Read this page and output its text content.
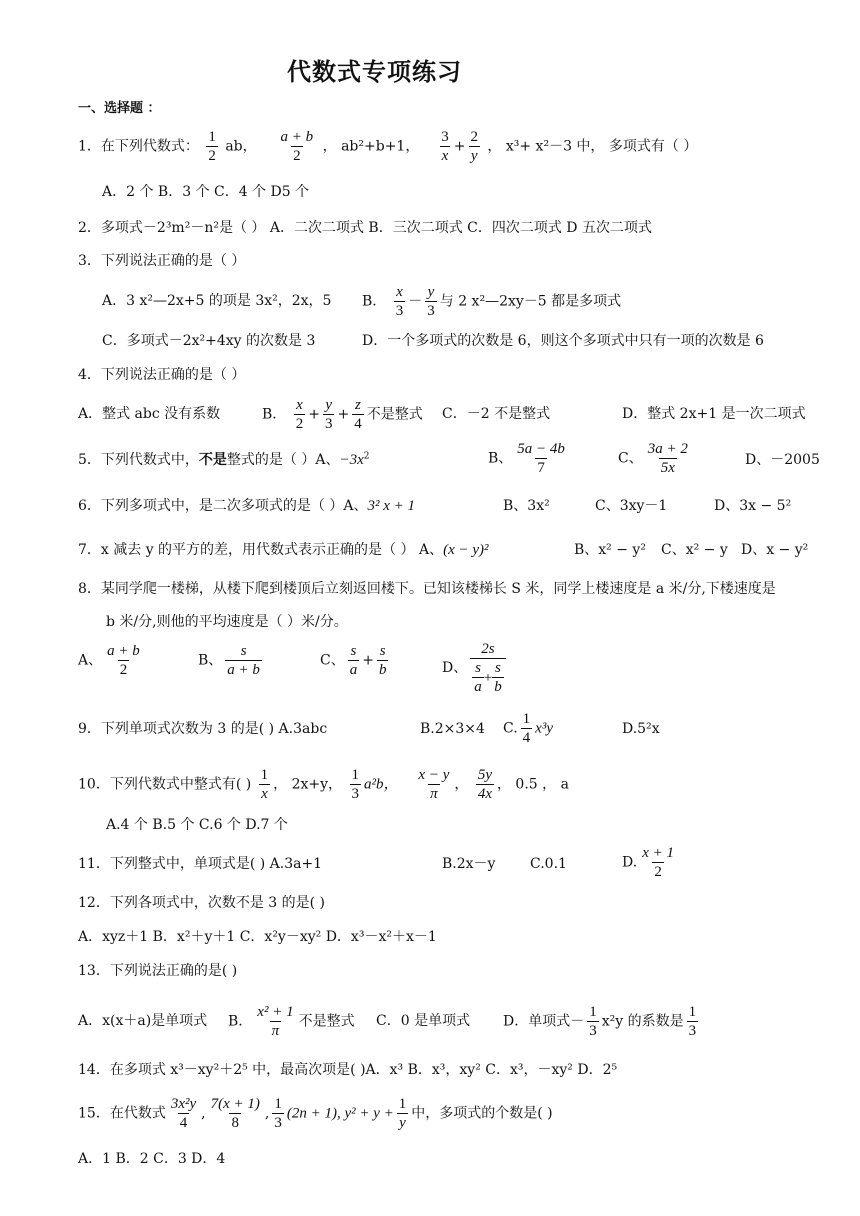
代数式专项练习
一、选择题 ：
1．在下列代数式： $\frac{1}{2}$ ab， $\frac{a + b}{2}$ ， ab²+b+1， $\frac{3}{x} + \frac{2}{y}$ ， x³+ x²－3 中， 多项式有（ ）
A．2 个 B．3 个 C．4 个 D5 个
2．多项式－2³m²－n²是（ ） A．二次二项式 B．三次二项式 C．四次二项式 D 五次二项式
3．下列说法正确的是（ ）
A．3 x²—2x+5 的项是 3x²，2x，5 B． $\frac{x}{3} - \frac{y}{3}$ 与 2 x²—2xy－5 都是多项式
C．多项式－2x²+4xy 的次数是 3	D．一个多项式的次数是 6，则这个多项式中只有一项的次数是 6
4．下列说法正确的是（ ）
A．整式 abc 没有系数	B． $\frac{x}{2} + \frac{y}{3} + \frac{z}{4}$ 不是整式 C．－2 不是整式	D．整式 2x+1 是一次二项式
5．下列代数式中，不是整式的是（ ）A、$-3x^2$	B、 $\frac{5a - 4b}{7}$	C、 $\frac{3a + 2}{5x}$	D、－2005
6．下列多项式中，是二次多项式的是（ ）A、3² x + 1	B、3x²	C、3xy－1	D、3x − 5²
7．x 减去 y 的平方的差，用代数式表示正确的是（ ） A、(x − y)²	B、x² − y² C、x² − y D、x − y²
8．某同学爬一楼梯，从楼下爬到楼顶后立刻返回楼下。已知该楼梯长 S 米，同学上楼速度是 a 米/分,下楼速度是
b 米/分,则他的平均速度是（ ）米/分。
A、 $\frac{a + b}{2}$	B、 $\frac{s}{a + b}$	C、 $\frac{s}{a} + \frac{s}{b}$	D、 2s
s
a
+ $\frac{s}{b}$
9．下列单项式次数为 3 的是( ) A.3abc	B.2×3×4 C. $\frac{1}{4} x^3y$	D.5²x
10．下列代数式中整式有( ) $\frac{1}{x}$ ， 2x+y， $\frac{1}{3} a^2b$， $\frac{x - y}{\pi}$ ， $\frac{5y}{4x}$ ， 0.5 ， a
A.4 个 B.5 个 C.6 个 D.7 个
11．下列整式中，单项式是( ) A.3a+1	B.2x－y C.0.1	D. $\frac{x + 1}{2}$
12．下列各项式中，次数不是 3 的是( )
A．xyz＋1 B．x²＋y＋1 C．x²y－xy² D．x³－x²＋x－1
13．下列说法正确的是( )
A．x(x＋a)是单项式 B． $\frac{\text{x² + 1}}{\pi}$ 不是整式 C．0 是单项式 D．单项式－ $\frac{1}{3} x^2y$ 的系数是 $\frac{1}{3}$
14．在多项式 x³－xy²＋2⁵ 中，最高次项是( )A．x³ B．x³，xy² C．x³，－xy² D．2⁵
15．在代数式 $\frac{\text{3x²y}}{4}$ , $\frac{7(x + 1)}{8}$ , $\frac{1}{3} (2n + 1)$, $y^2 + y + \frac{1}{y}$ 中，多项式的个数是( )
A．1 B．2 C．3 D．4
